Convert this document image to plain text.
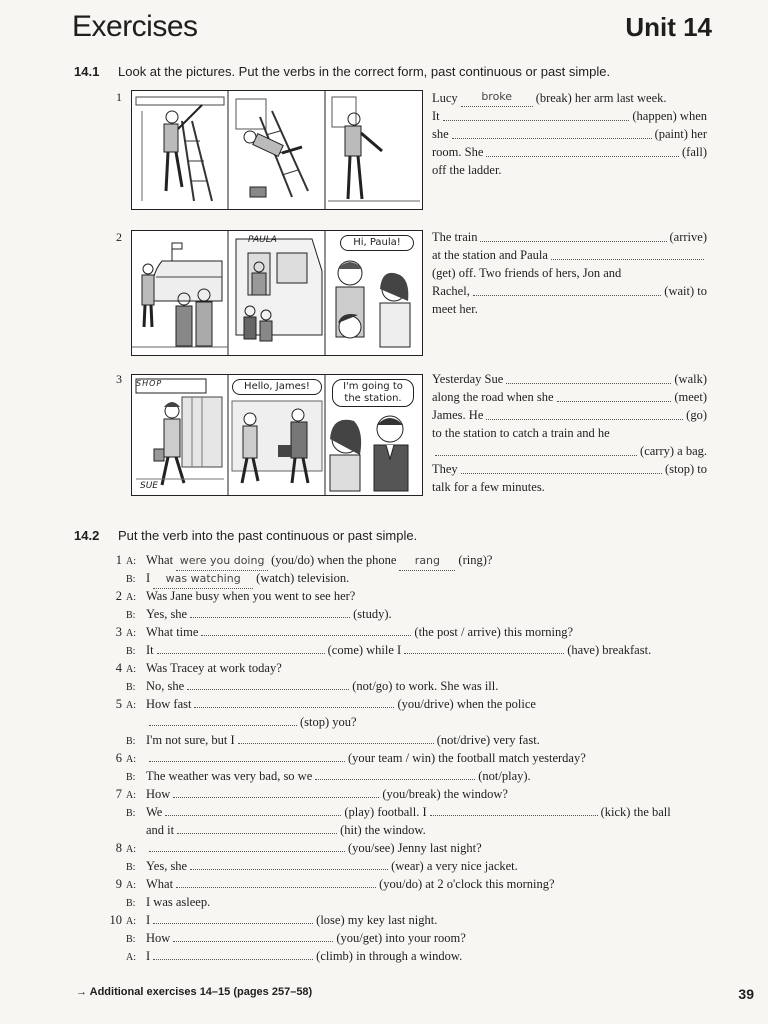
Exercises	Unit 14
14.1 Look at the pictures. Put the verbs in the correct form, past continuous or past simple.
1	Lucy	broke	(break) her arm last week.
It	(happen) when
she	(paint) her
room. She	(fall)
off the ladder.
2	PAULA	Hi, Paula!	The train	(arrive)
at the station and Paula
(get) off. Two friends of hers, Jon and
Rachel,	(wait) to
meet her.
3 SHOP
SUE
Hello, James!	I'm going to the station.
Yesterday Sue	(walk)
along the road when she	(meet)
James. He	(go)
to the station to catch a train and he
(carry) a bag.
They	(stop) to
talk for a few minutes.
14.2 Put the verb into the past continuous or past simple.
1 A: What were you doing (you/do) when the phone rang (ring)?
B: I was watching (watch) television.
2 A: Was Jane busy when you went to see her?
B: Yes, she	(study).
3 A: What time	(the post / arrive) this morning?
B: It	(come) while I	(have) breakfast.
4 A: Was Tracey at work today?
B: No, she	(not/go) to work. She was ill.
5 A: How fast	(you/drive) when the police
(stop) you?
B: I'm not sure, but I	(not/drive) very fast.
6 A:	(your team / win) the football match yesterday?
B: The weather was very bad, so we	(not/play).
7 A: How	(you/break) the window?
B: We	(play) football. I	(kick) the ball
and it	(hit) the window.
8 A:	(you/see) Jenny last night?
B: Yes, she	(wear) a very nice jacket.
9 A: What	(you/do) at 2 o'clock this morning?
B: I was asleep.
10 A: I	(lose) my key last night.
B: How	(you/get) into your room?
A: I	(climb) in through a window.
→ Additional exercises 14–15 (pages 257–58)	39
